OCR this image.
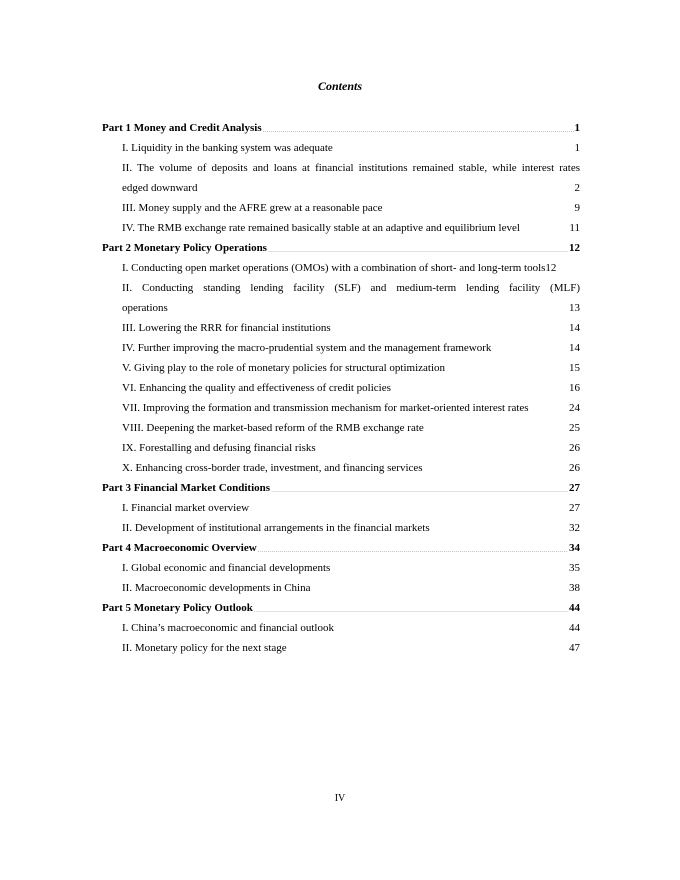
Contents
Part 1 Money and Credit Analysis .....	1
I. Liquidity in the banking system was adequate .....	1
II. The volume of deposits and loans at financial institutions remained stable, while interest rates
edged downward .....	2
III. Money supply and the AFRE grew at a reasonable pace .....	9
IV. The RMB exchange rate remained basically stable at an adaptive and equilibrium level .....	11
Part 2 Monetary Policy Operations .....	12
I. Conducting open market operations (OMOs) with a combination of short- and long-term tools 12
II. Conducting standing lending facility (SLF) and medium-term lending facility (MLF)
operations .....	13
III. Lowering the RRR for financial institutions .....	14
IV. Further improving the macro-prudential system and the management framework .....	14
V. Giving play to the role of monetary policies for structural optimization .....	15
VI. Enhancing the quality and effectiveness of credit policies .....	16
VII. Improving the formation and transmission mechanism for market-oriented interest rates .....	24
VIII. Deepening the market-based reform of the RMB exchange rate .....	25
IX. Forestalling and defusing financial risks .....	26
X. Enhancing cross-border trade, investment, and financing services .....	26
Part 3 Financial Market Conditions .....	27
I. Financial market overview .....	27
II. Development of institutional arrangements in the financial markets .....	32
Part 4 Macroeconomic Overview .....	34
I. Global economic and financial developments .....	35
II. Macroeconomic developments in China .....	38
Part 5 Monetary Policy Outlook .....	44
I. China’s macroeconomic and financial outlook .....	44
II. Monetary policy for the next stage .....	47
IV
